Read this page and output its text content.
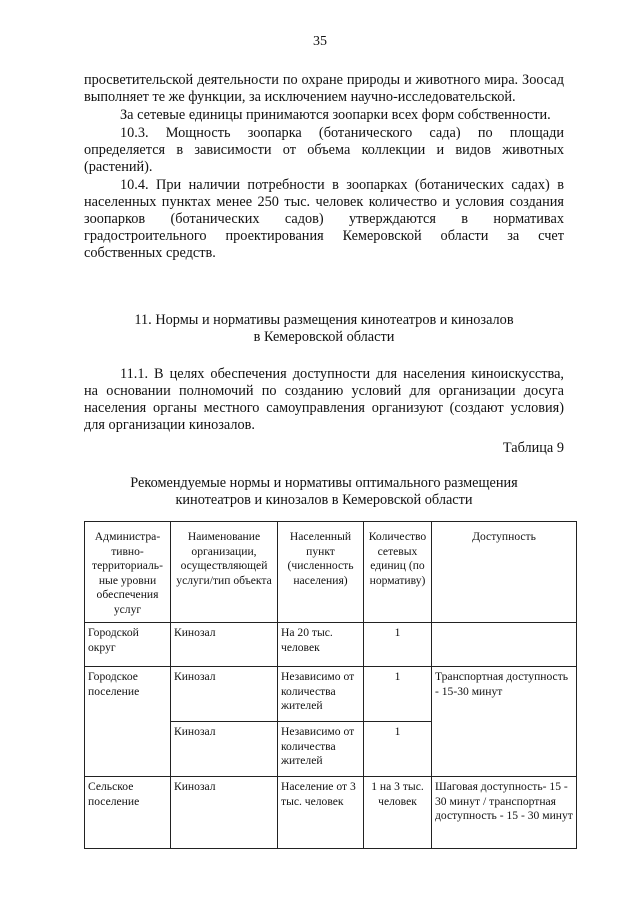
35

просветительской деятельности по охране природы и животного мира. Зоосад выполняет те же функции, за исключением научно-исследовательской.

За сетевые единицы принимаются зоопарки всех форм собственности.

10.3. Мощность зоопарка (ботанического сада) по площади определяется в зависимости от объема коллекции и видов животных (растений).

10.4. При наличии потребности в зоопарках (ботанических садах) в населенных пунктах менее 250 тыс. человек количество и условия создания зоопарков (ботанических садов) утверждаются в нормативах градостроительного проектирования Кемеровской области за счет собственных средств.

11. Нормы и нормативы размещения кинотеатров и кинозалов

в Кемеровской области

11.1. В целях обеспечения доступности для населения киноискусства, на основании полномочий по созданию условий для организации досуга населения органы местного самоуправления организуют (создают условия) для организации кинозалов.

Таблица 9

Рекомендуемые нормы и нормативы оптимального размещения

кинотеатров и кинозалов в Кемеровской области

Администра-тивно-территориаль-ные уровни обеспечения услуг	Наименование организации, осуществляющей услуги/тип объекта	Населенный пункт (численность населения)	Количество сетевых единиц (по нормативу)	Доступность
Городской округ	Кинозал	На 20 тыс. человек	1	
Городское поселение	Кинозал	Независимо от количества жителей	1	Транспортная доступность - 15-30 минут
	Кинозал	Независимо от количества жителей	1	
Сельское поселение	Кинозал	Население от 3 тыс. человек	1 на 3 тыс. человек	Шаговая доступность- 15 - 30 минут / транспортная доступность - 15 - 30 минут
